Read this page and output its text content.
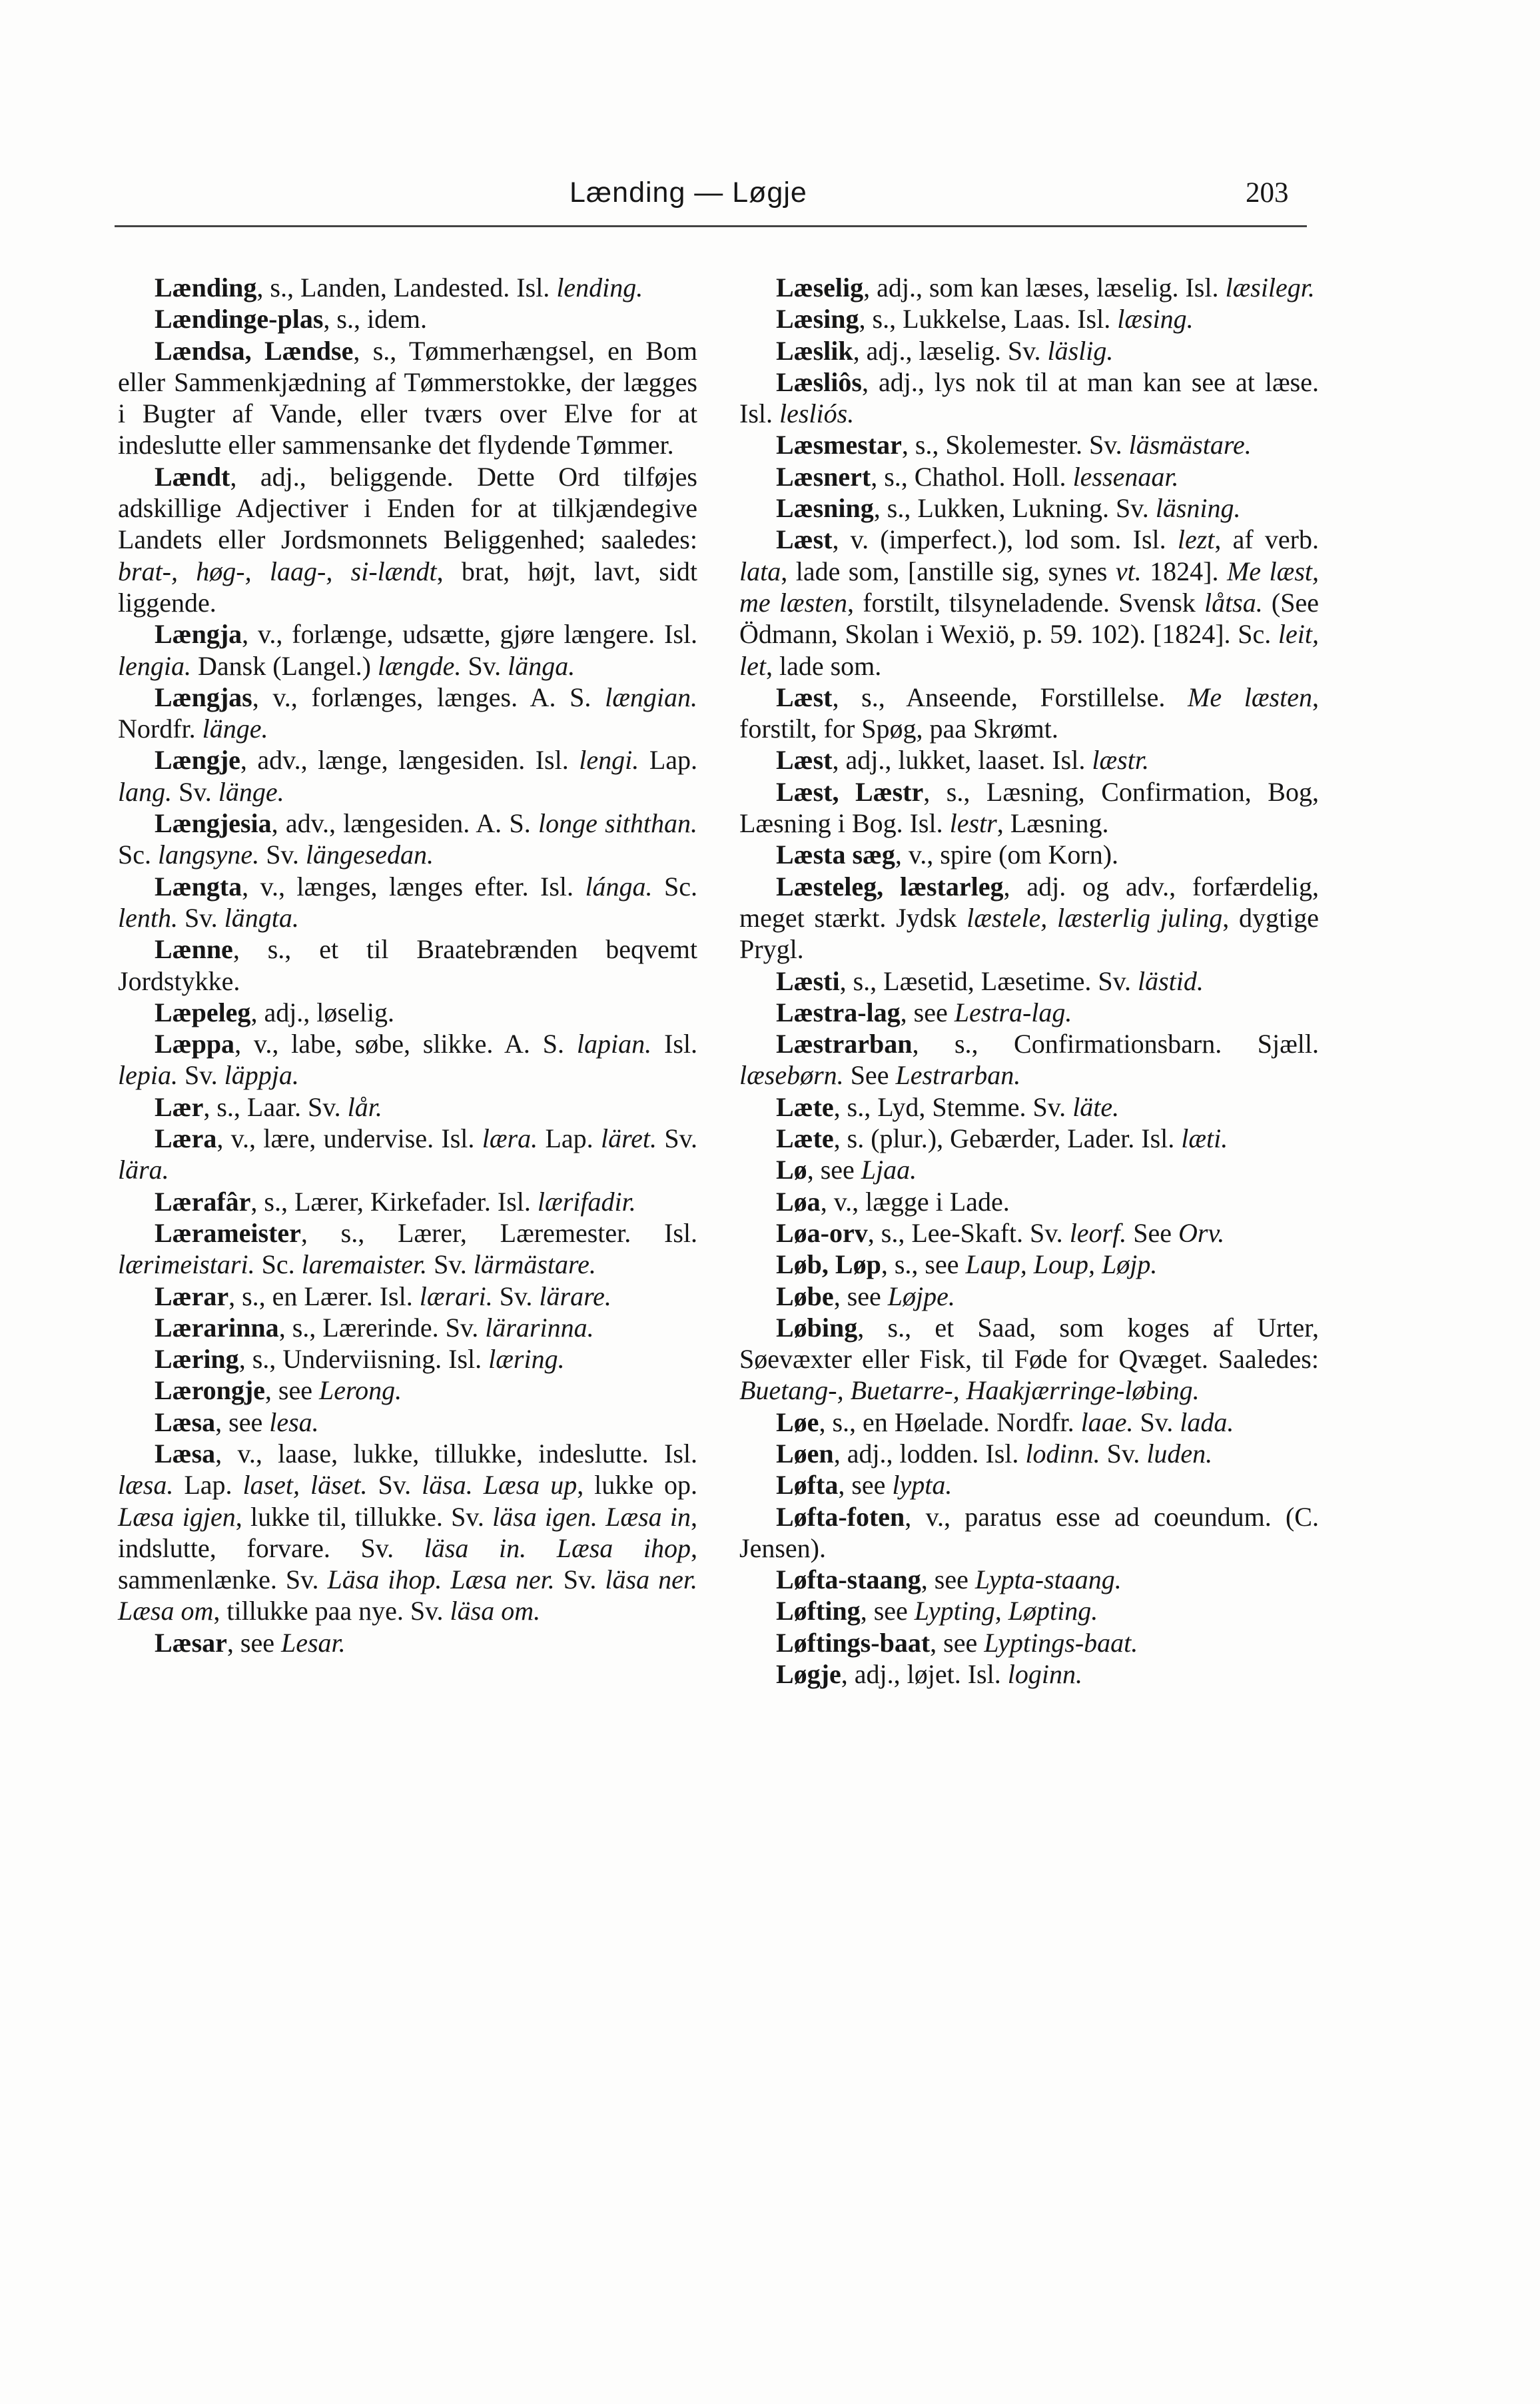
Lænding — Løgje	203

Lænding, s., Landen, Landested. Isl. lending.

Lændinge-plas, s., idem.

Lændsa, Lændse, s., Tømmerhængsel, en Bom eller Sammenkjædning af Tømmerstokke, der lægges i Bugter af Vande, eller tværs over Elve for at indeslutte eller sammensanke det flydende Tømmer.

Lændt, adj., beliggende. Dette Ord tilføjes adskillige Adjectiver i Enden for at tilkjændegive Landets eller Jordsmonnets Beliggenhed; saaledes: brat-, høg-, laag-, si-lændt, brat, højt, lavt, sidt liggende.

Længja, v., forlænge, udsætte, gjøre længere. Isl. lengia. Dansk (Langel.) længde. Sv. länga.

Længjas, v., forlænges, længes. A. S. længian. Nordfr. länge.

Længje, adv., længe, længesiden. Isl. lengi. Lap. lang. Sv. länge.

Længjesia, adv., længesiden. A. S. longe siththan. Sc. langsyne. Sv. längesedan.

Længta, v., længes, længes efter. Isl. lánga. Sc. lenth. Sv. längta.

Lænne, s., et til Braatebrænden beqvemt Jordstykke.

Læpeleg, adj., løselig.

Læppa, v., labe, søbe, slikke. A. S. lapian. Isl. lepia. Sv. läppja.

Lær, s., Laar. Sv. lår.

Læra, v., lære, undervise. Isl. læra. Lap. läret. Sv. lära.

Lærafâr, s., Lærer, Kirkefader. Isl. lærifadir.

Lærameister, s., Lærer, Læremester. Isl. lærimeistari. Sc. laremaister. Sv. lärmästare.

Lærar, s., en Lærer. Isl. lærari. Sv. lärare.

Lærarinna, s., Lærerinde. Sv. lärarinna.

Læring, s., Underviisning. Isl. læring.

Lærongje, see Lerong.

Læsa, see lesa.

Læsa, v., laase, lukke, tillukke, indeslutte. Isl. læsa. Lap. laset, läset. Sv. läsa. Læsa up, lukke op. Læsa igjen, lukke til, tillukke. Sv. läsa igen. Læsa in, indslutte, forvare. Sv. läsa in. Læsa ihop, sammenlænke. Sv. Läsa ihop. Læsa ner. Sv. läsa ner. Læsa om, tillukke paa nye. Sv. läsa om.

Læsar, see Lesar.

Læselig, adj., som kan læses, læselig. Isl. læsilegr.

Læsing, s., Lukkelse, Laas. Isl. læsing.

Læslik, adj., læselig. Sv. läslig.

Læsliôs, adj., lys nok til at man kan see at læse. Isl. lesliós.

Læsmestar, s., Skolemester. Sv. läsmästare.

Læsnert, s., Chathol. Holl. lessenaar.

Læsning, s., Lukken, Lukning. Sv. läsning.

Læst, v. (imperfect.), lod som. Isl. lezt, af verb. lata, lade som, [anstille sig, synes vt. 1824]. Me læst, me læsten, forstilt, tilsyneladende. Svensk låtsa. (See Ödmann, Skolan i Wexiö, p. 59. 102). [1824]. Sc. leit, let, lade som.

Læst, s., Anseende, Forstillelse. Me læsten, forstilt, for Spøg, paa Skrømt.

Læst, adj., lukket, laaset. Isl. læstr.

Læst, Læstr, s., Læsning, Confirmation, Bog, Læsning i Bog. Isl. lestr, Læsning.

Læsta sæg, v., spire (om Korn).

Læsteleg, læstarleg, adj. og adv., forfærdelig, meget stærkt. Jydsk læstele, læsterlig juling, dygtige Prygl.

Læsti, s., Læsetid, Læsetime. Sv. lästid.

Læstra-lag, see Lestra-lag.

Læstrarban, s., Confirmationsbarn. Sjæll. læsebørn. See Lestrarban.

Læte, s., Lyd, Stemme. Sv. läte.

Læte, s. (plur.), Gebærder, Lader. Isl. læti.

Lø, see Ljaa.

Løa, v., lægge i Lade.

Løa-orv, s., Lee-Skaft. Sv. leorf. See Orv.

Løb, Løp, s., see Laup, Loup, Løjp.

Løbe, see Løjpe.

Løbing, s., et Saad, som koges af Urter, Søevæxter eller Fisk, til Føde for Qvæget. Saaledes: Buetang-, Buetarre-, Haakjærringe-løbing.

Løe, s., en Høelade. Nordfr. laae. Sv. lada.

Løen, adj., lodden. Isl. lodinn. Sv. luden.

Løfta, see lypta.

Løfta-foten, v., paratus esse ad coeundum. (C. Jensen).

Løfta-staang, see Lypta-staang.

Løfting, see Lypting, Løpting.

Løftings-baat, see Lyptings-baat.

Løgje, adj., løjet. Isl. loginn.
